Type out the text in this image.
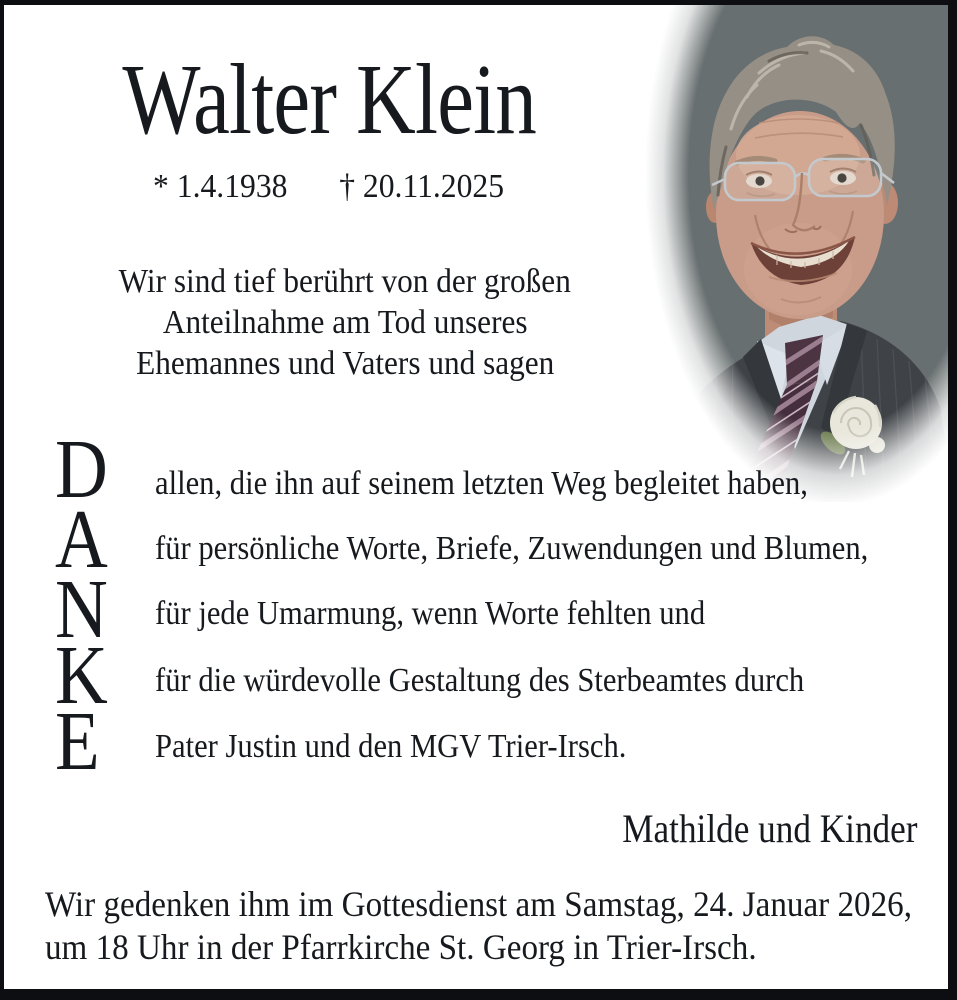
Walter Klein
* 1.4.1938 † 20.11.2025
Wir sind tief berührt von der großen
Anteilnahme am Tod unseres
Ehemannes und Vaters und sagen
D
A
N
K
E
allen, die ihn auf seinem letzten Weg begleitet haben,
für persönliche Worte, Briefe, Zuwendungen und Blumen,
für jede Umarmung, wenn Worte fehlten und
für die würdevolle Gestaltung des Sterbeamtes durch
Pater Justin und den MGV Trier-Irsch.
Mathilde und Kinder
Wir gedenken ihm im Gottesdienst am Samstag, 24. Januar 2026,
um 18 Uhr in der Pfarrkirche St. Georg in Trier-Irsch.
